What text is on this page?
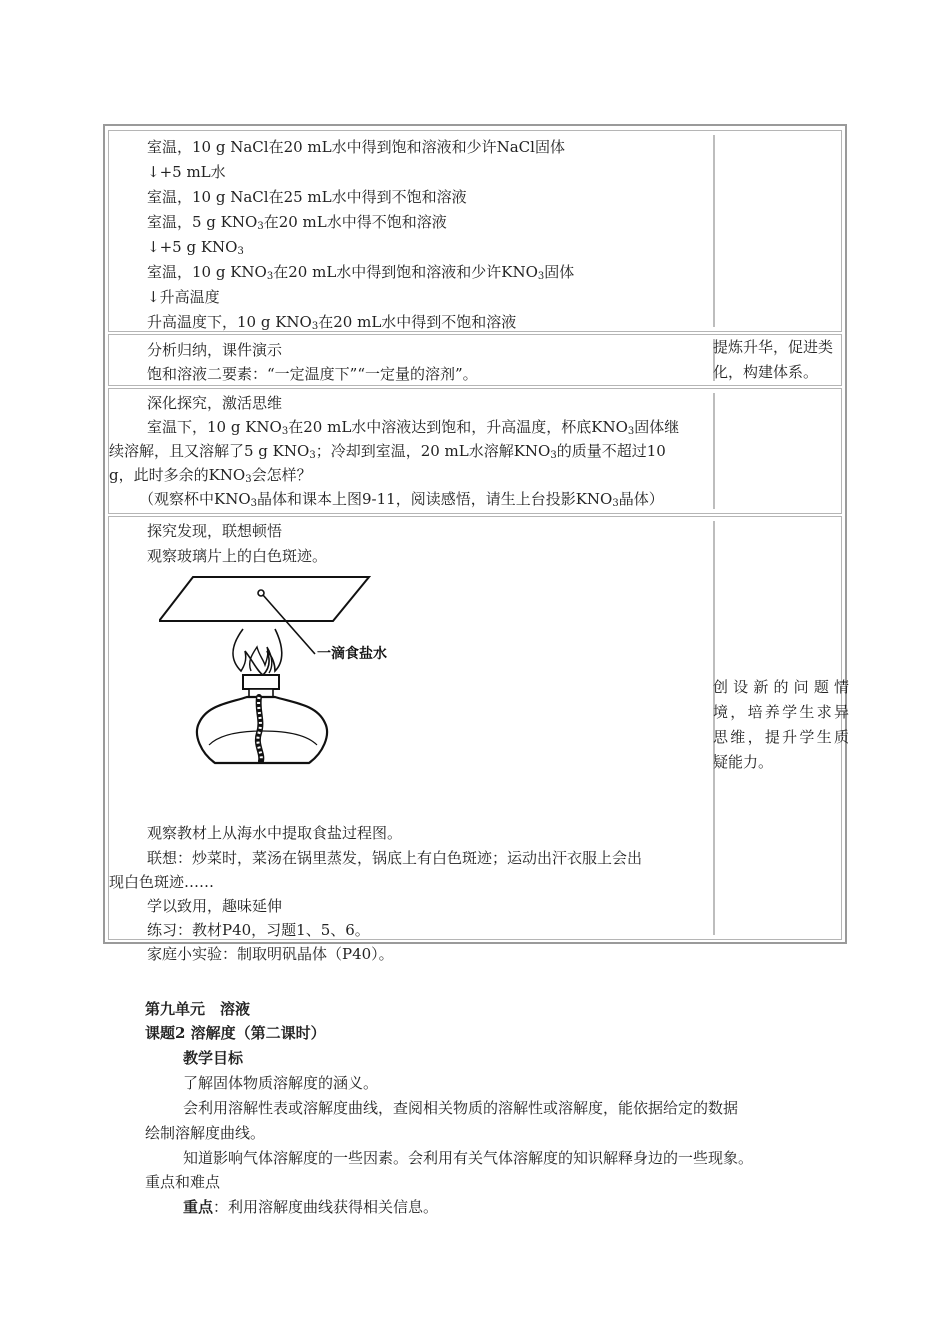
室温，10 g NaCl在20 mL水中得到饱和溶液和少许NaCl固体
↓+5 mL水
室温，10 g NaCl在25 mL水中得到不饱和溶液
室温，5 g $KNO_3$在20 mL水中得不饱和溶液
↓+5 g $KNO_3$
室温，10 g $KNO_3$在20 mL水中得到饱和溶液和少许$KNO_3$固体
↓升高温度
升高温度下，10 g $KNO_3$在20 mL水中得到不饱和溶液
分析归纳，课件演示
饱和溶液二要素：“一定温度下”“一定量的溶剂”。
提炼升华，促进类
化，构建体系。
深化探究，激活思维
室温下，10 g $KNO_3$在20 mL水中溶液达到饱和，升高温度，杯底$KNO_3$固体继
续溶解，且又溶解了5 g $KNO_3$；冷却到室温，20 mL水溶解$KNO_3$的质量不超过10
g，此时多余的$KNO_3$会怎样？
（观察杯中$KNO_3$晶体和课本上图9-11，阅读感悟，请生上台投影$KNO_3$晶体）
探究发现，联想顿悟
观察玻璃片上的白色斑迹。
一滴食盐水
观察教材上从海水中提取食盐过程图。
联想：炒菜时，菜汤在锅里蒸发，锅底上有白色斑迹；运动出汗衣服上会出
现白色斑迹……
学以致用，趣味延伸
练习：教材P40，习题1、5、6。
家庭小实验：制取明矾晶体（P40）。
创设新的问题情
境，培养学生求异
思维，提升学生质
疑能力。
第九单元　溶液
课题2 溶解度（第二课时）
教学目标
了解固体物质溶解度的涵义。
会利用溶解性表或溶解度曲线，查阅相关物质的溶解性或溶解度，能依据给定的数据
绘制溶解度曲线。
知道影响气体溶解度的一些因素。会利用有关气体溶解度的知识解释身边的一些现象。
重点和难点
重点：利用溶解度曲线获得相关信息。
